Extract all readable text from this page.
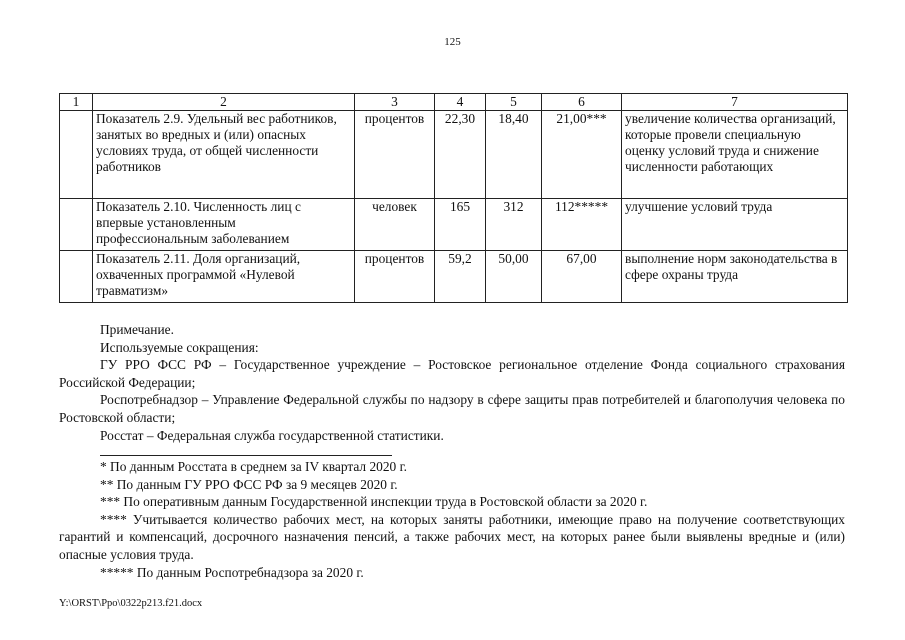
125
1	2	3	4	5	6	7
	Показатель 2.9. Удельный вес работников, занятых во вредных и (или) опасных условиях труда, от общей численности работников	процентов	22,30	18,40	21,00***	увеличение количества организаций, которые провели специальную оценку условий труда и снижение численности работающих
	Показатель 2.10. Численность лиц с впервые установленным профессиональным заболеванием	человек	165	312	112*****	улучшение условий труда
	Показатель 2.11. Доля организаций, охваченных программой «Нулевой травматизм»	процентов	59,2	50,00	67,00	выполнение норм законодательства в сфере охраны труда

Примечание.

Используемые сокращения:

ГУ РРО ФСС РФ – Государственное учреждение – Ростовское региональное отделение Фонда социального страхования Российской Федерации;

Роспотребнадзор – Управление Федеральной службы по надзору в сфере защиты прав потребителей и благополучия человека по Ростовской области;

Росстат – Федеральная служба государственной статистики.

* По данным Росстата в среднем за IV квартал 2020 г.

** По данным ГУ РРО ФСС РФ за 9 месяцев 2020 г.

*** По оперативным данным Государственной инспекции труда в Ростовской области за 2020 г.

**** Учитывается количество рабочих мест, на которых заняты работники, имеющие право на получение соответствующих гарантий и компенсаций, досрочного назначения пенсий, а также рабочих мест, на которых ранее были выявлены вредные и (или) опасные условия труда.

***** По данным Роспотребнадзора за 2020 г.

Y:\ORST\Ppo\0322p213.f21.docx
